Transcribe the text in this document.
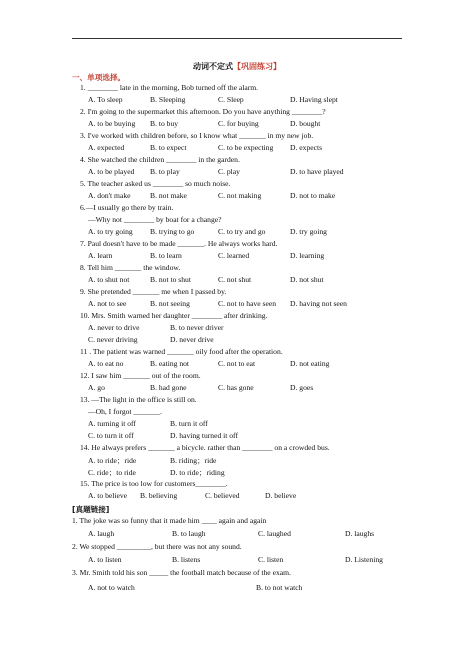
动词不定式【巩固练习】
一、单项选择。
1. ________ late in the morning, Bob turned off the alarm.
A. To sleep	B. Sleeping	C. Sleep	D. Having slept
2. I'm going to the supermarket this afternoon. Do you have anything ________?
A. to be buying B. to buy	C. for buying	D. bought
3. I've worked with children before, so I know what _______ in my new job.
A. expected	B. to expect	C. to be expecting D. expects
4. She watched the children ________ in the garden.
A. to be played B. to play	C. play	D. to have played
5. The teacher asked us ________ so much noise.
A. don't make	B. not make	C. not making	D. not to make
6.—I usually go there by train.
—Why not ________ by boat for a change?
A. to try going B. trying to go	C. to try and go	D. try going
7. Paul doesn't have to be made _______. He always works hard.
A. learn	B. to learn	C. learned	D. learning
8. Tell him _______ the window.
A. to shut not	B. not to shut	C. not shut	D. not shut
9. She pretended _______ me when I passed by.
A. not to see	B. not seeing	C. not to have seen D. having not seen
10. Mrs. Smith warned her daughter ________ after drinking.
A. never to drive	B. to never driver
C. never driving	D. never drive
11 . The patient was warned _______ oily food after the operation.
A. to eat no	B. eating not	C. not to eat	D. not eating
12. I saw him _______ out of the room.
A. go	B. had gone	C. has gone	D. goes
13. —The light in the office is still on.
—Oh, I forgot _______.
A. turning it off	B. turn it off
C. to turn it off	D. having turned it off
14. He always prefers _______ a bicycle. rather than ________ on a crowded bus.
A. to ride；ride	B. riding；ride
C. ride；to ride	D. to ride；riding
15. The price is too low for customers________.
A. to believe B. believing	C. believed	D. believe
[真题链接]
1. The joke was so funny that it made him ____ again and again
A. laugh	B. to laugh	C. laughed	D. laughs
2. We stopped _________, but there was not any sound.
A. to listen	B. listens	C. listen	D. Listening
3. Mr. Smith told his son _____ the football match because of the exam.
A. not to watch	B. to not watch
